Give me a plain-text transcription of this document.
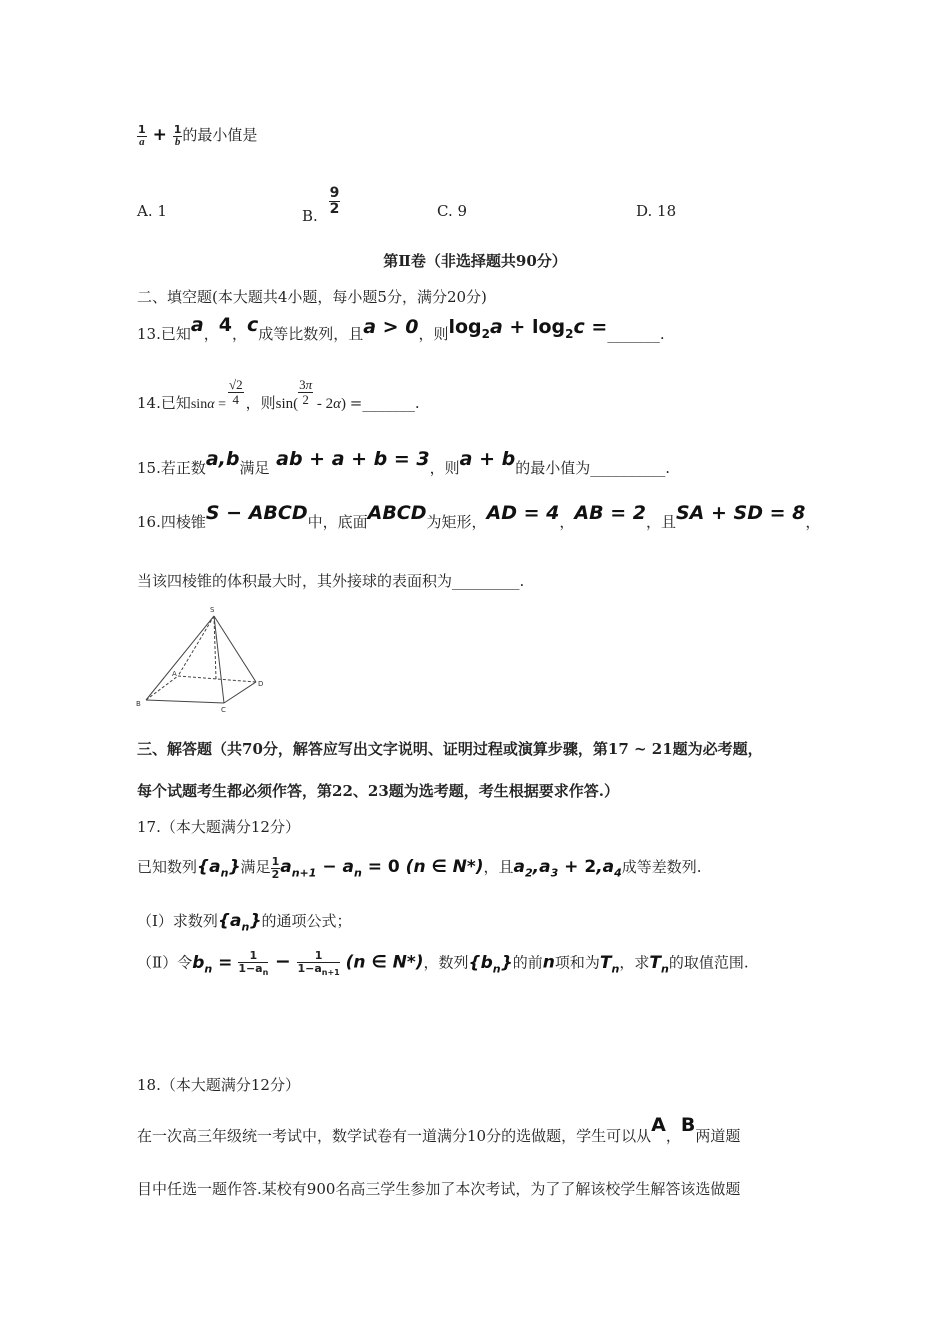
$\frac{1}{a} + \frac{1}{b}$ 的最小值是
A. 1	B. $\frac{9}{2}$	C. 9	D. 18
第Ⅱ卷（非选择题共90分）
二、填空题(本大题共4小题，每小题5分，满分20分)
13.已知a，4，c成等比数列，且a > 0，则$\log_2a + \log_2c$ =_______.
14.已知$\sin\alpha = \frac{√2}{4}$ ，则$\sin( \frac{3\pi}{2} - 2\alpha)$ =_______.
15.若正数a,b满足 ab + a + b = 3，则a + b的最小值为__________.
16.四棱锥S − ABCD中，底面ABCD为矩形，AD = 4，AB = 2，且SA + SD = 8，
当该四棱锥的体积最大时，其外接球的表面积为_________.
S
A
B
C
D
三、解答题（共70分，解答应写出文字说明、证明过程或演算步骤，第17 ~ 21题为必考题，
每个试题考生都必须作答，第22、23题为选考题，考生根据要求作答.）
17.（本大题满分12分）
已知数列$\{a_n\}$满足 $\frac{1}{2} a_{n+1} - a_n = 0$ (n ∈ N*)，且$a_2,a_3 + 2,a_4$成等差数列.
（Ⅰ）求数列$\{a_n\}$的通项公式；
（Ⅱ）令$b_n = \frac{1}{1-a_n} - \frac{1}{1-a_{n+1}} (n$ ∈ N*)，数列$\{b_n\}$的前n项和为$T_n$，求$T_n$的取值范围.
18.（本大题满分12分）
在一次高三年级统一考试中，数学试卷有一道满分10分的选做题，学生可以从A，B两道题
目中任选一题作答.某校有900名高三学生参加了本次考试，为了了解该校学生解答该选做题
